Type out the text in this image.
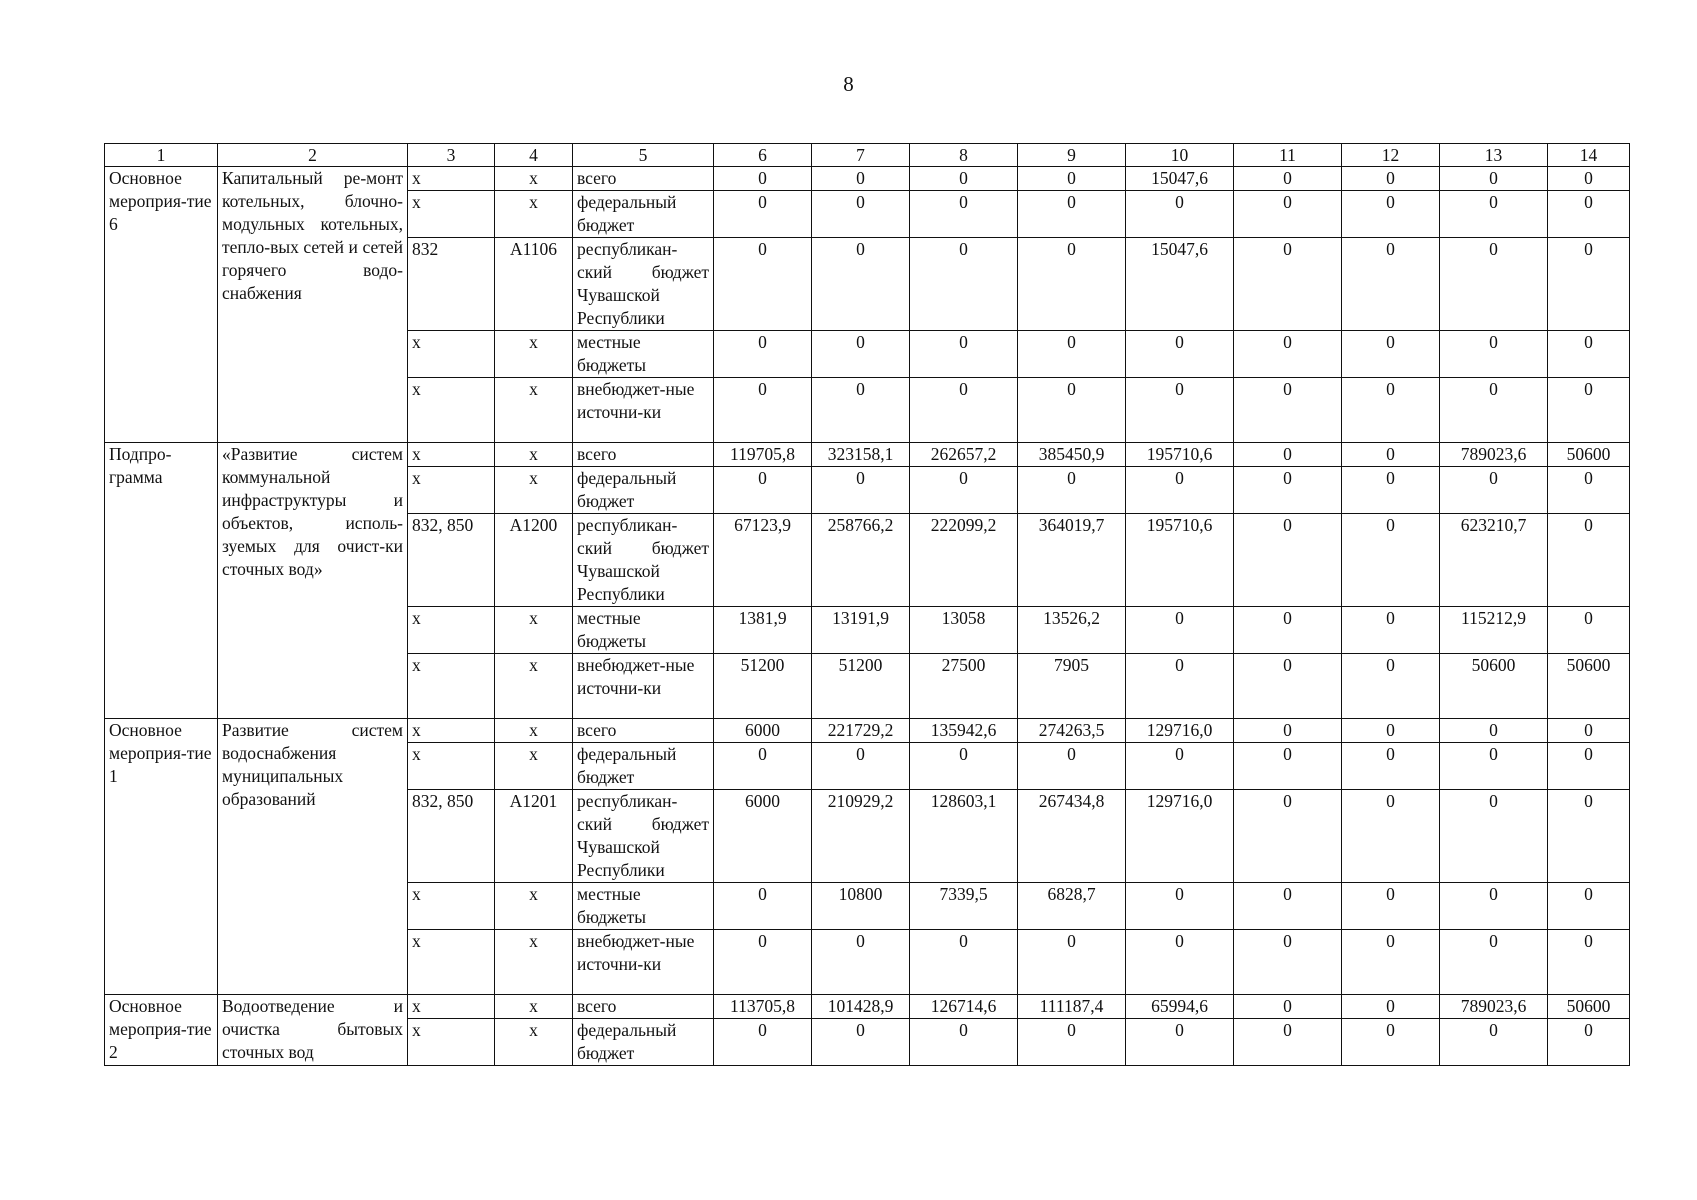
8
1	2	3	4	5	6	7	8	9	10	11	12	13	14
Основное мероприя-тие 6	Капитальный ре-монт котельных, блочно-модульных котельных, тепло-вых сетей и сетей горячего водо-снабжения	х	х	всего	0	0	0	0	15047,6	0	0	0	0
		х	х	федеральный бюджет	0	0	0	0	0	0	0	0	0
		832	А1106	республикан-ский бюджет Чувашской Республики	0	0	0	0	15047,6	0	0	0	0
		х	х	местные бюджеты	0	0	0	0	0	0	0	0	0
		х	х	внебюджет-ные источни-ки	0	0	0	0	0	0	0	0	0
Подпро-грамма	«Развитие систем коммунальной инфраструктуры и объектов, исполь-зуемых для очист-ки сточных вод»	х	х	всего	119705,8	323158,1	262657,2	385450,9	195710,6	0	0	789023,6	50600
		х	х	федеральный бюджет	0	0	0	0	0	0	0	0	0
		832, 850	А1200	республикан-ский бюджет Чувашской Республики	67123,9	258766,2	222099,2	364019,7	195710,6	0	0	623210,7	0
		х	х	местные бюджеты	1381,9	13191,9	13058	13526,2	0	0	0	115212,9	0
		х	х	внебюджет-ные источни-ки	51200	51200	27500	7905	0	0	0	50600	50600
Основное мероприя-тие 1	Развитие систем водоснабжения муниципальных образований	х	х	всего	6000	221729,2	135942,6	274263,5	129716,0	0	0	0	0
		х	х	федеральный бюджет	0	0	0	0	0	0	0	0	0
		832, 850	А1201	республикан-ский бюджет Чувашской Республики	6000	210929,2	128603,1	267434,8	129716,0	0	0	0	0
		х	х	местные бюджеты	0	10800	7339,5	6828,7	0	0	0	0	0
		х	х	внебюджет-ные источни-ки	0	0	0	0	0	0	0	0	0
Основное мероприя-тие 2	Водоотведение и очистка бытовых сточных вод	х	х	всего	113705,8	101428,9	126714,6	111187,4	65994,6	0	0	789023,6	50600
		х	х	федеральный бюджет	0	0	0	0	0	0	0	0	0
